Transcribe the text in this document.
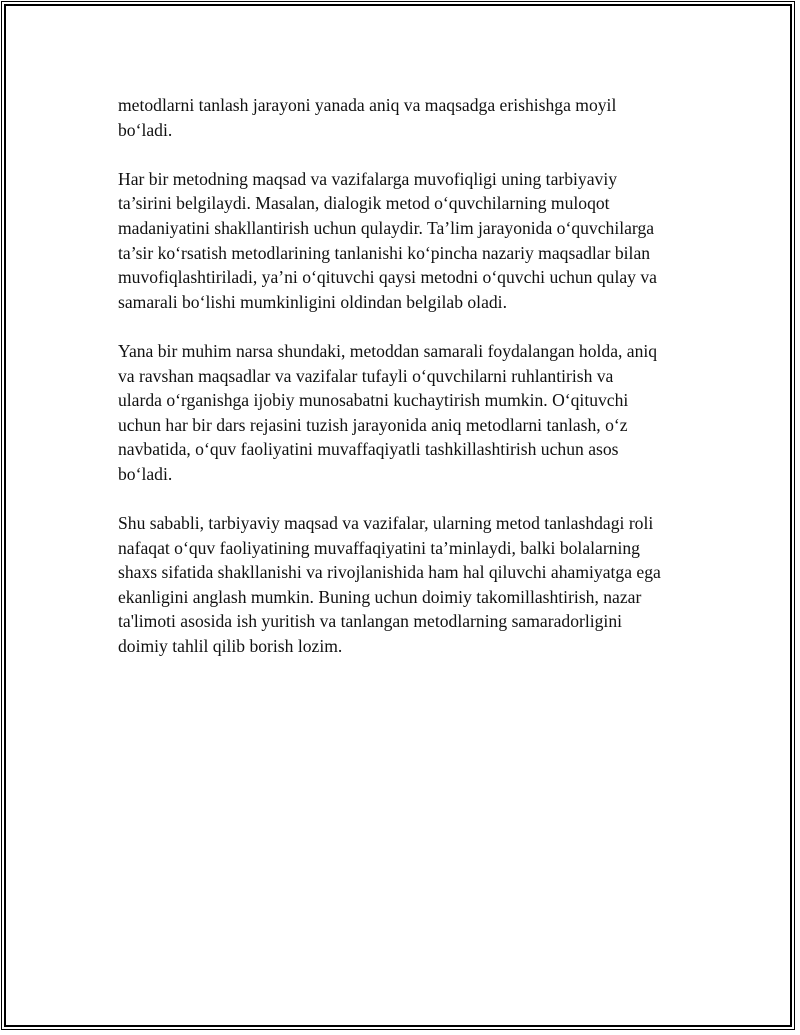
metodlarni tanlash jarayoni yanada aniq va maqsadga erishishga moyil
bo‘ladi.

Har bir metodning maqsad va vazifalarga muvofiqligi uning tarbiyaviy
ta’sirini belgilaydi. Masalan, dialogik metod o‘quvchilarning muloqot
madaniyatini shakllantirish uchun qulaydir. Ta’lim jarayonida o‘quvchilarga
ta’sir ko‘rsatish metodlarining tanlanishi ko‘pincha nazariy maqsadlar bilan
muvofiqlashtiriladi, ya’ni o‘qituvchi qaysi metodni o‘quvchi uchun qulay va
samarali bo‘lishi mumkinligini oldindan belgilab oladi.

Yana bir muhim narsa shundaki, metoddan samarali foydalangan holda, aniq
va ravshan maqsadlar va vazifalar tufayli o‘quvchilarni ruhlantirish va
ularda o‘rganishga ijobiy munosabatni kuchaytirish mumkin. O‘qituvchi
uchun har bir dars rejasini tuzish jarayonida aniq metodlarni tanlash, o‘z
navbatida, o‘quv faoliyatini muvaffaqiyatli tashkillashtirish uchun asos
bo‘ladi.

Shu sababli, tarbiyaviy maqsad va vazifalar, ularning metod tanlashdagi roli
nafaqat o‘quv faoliyatining muvaffaqiyatini ta’minlaydi, balki bolalarning
shaxs sifatida shakllanishi va rivojlanishida ham hal qiluvchi ahamiyatga ega
ekanligini anglash mumkin. Buning uchun doimiy takomillashtirish, nazar
ta'limoti asosida ish yuritish va tanlangan metodlarning samaradorligini
doimiy tahlil qilib borish lozim.
